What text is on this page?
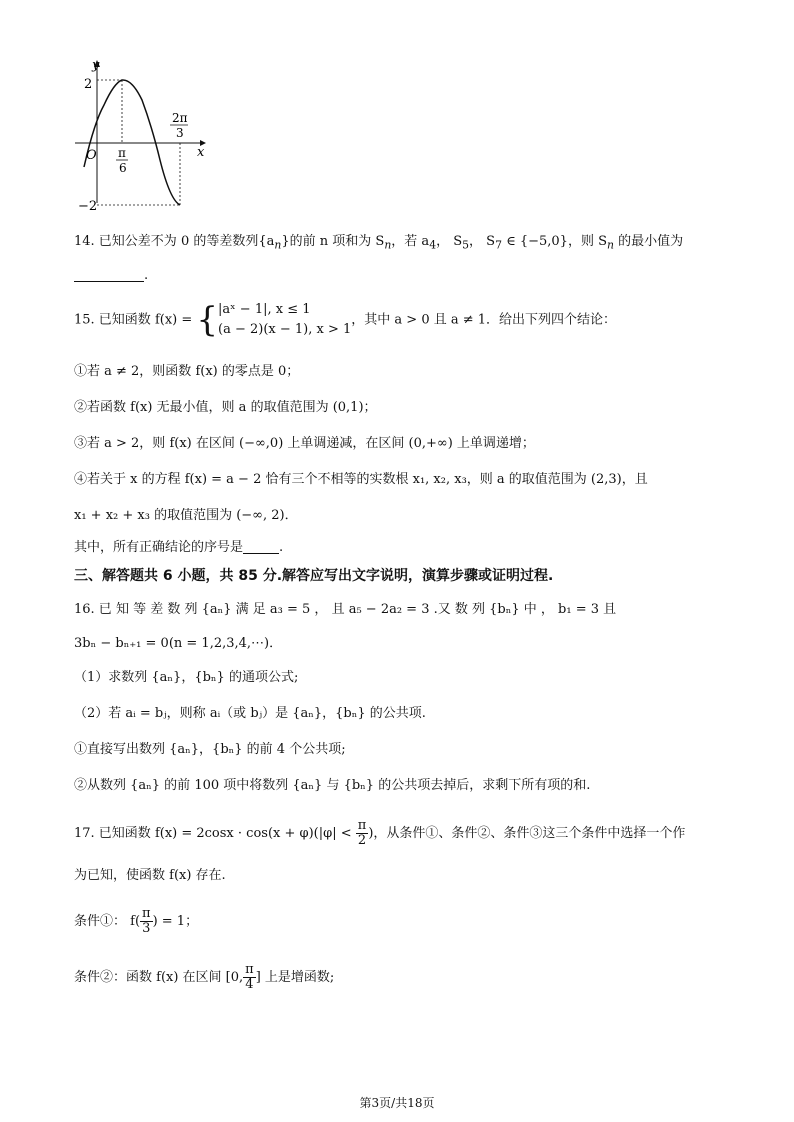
y
x
O
2
−2
π
6
2π
3
14. 已知公差不为 0 的等差数列$\{a_n\}$的前 n 项和为 $S_n$，若 $a_4$， $S_5$， $S_7$ ∈ {−5,0}，则 $S_n$ 的最小值为
.
15. 已知函数 f(x) = { |aˣ − 1|, x ≤ 1
(a − 2)(x − 1), x > 1
，其中 a > 0 且 a ≠ 1．给出下列四个结论：
①若 a ≠ 2，则函数 f(x) 的零点是 0；
②若函数 f(x) 无最小值，则 a 的取值范围为 (0,1)；
③若 a > 2，则 f(x) 在区间 (−∞,0) 上单调递减，在区间 (0,+∞) 上单调递增；
④若关于 x 的方程 f(x) = a − 2 恰有三个不相等的实数根 x₁, x₂, x₃，则 a 的取值范围为 (2,3)，且
x₁ + x₂ + x₃ 的取值范围为 (−∞, 2)．
其中，所有正确结论的序号是	.
三、解答题共 6 小题，共 85 分.解答应写出文字说明，演算步骤或证明过程.
16. 已 知 等 差 数 列 {aₙ} 满 足 a₃ = 5 ， 且 a₅ − 2a₂ = 3 .又 数 列 {bₙ} 中 ， b₁ = 3 且
3bₙ − bₙ₊₁ = 0(n = 1,2,3,4,⋯)．
（1）求数列 {aₙ}，{bₙ} 的通项公式;
（2）若 aᵢ = bⱼ，则称 aᵢ（或 bⱼ）是 {aₙ}，{bₙ} 的公共项.
①直接写出数列 {aₙ}，{bₙ} 的前 4 个公共项;
②从数列 {aₙ} 的前 100 项中将数列 {aₙ} 与 {bₙ} 的公共项去掉后，求剩下所有项的和.
17. 已知函数 $f(x) = 2\cos x \cdot \cos(x + \varphi)(|\varphi| < \frac{\pi}{2}$ )，从条件①、条件②、条件③这三个条件中选择一个作
为已知，使函数 f(x) 存在.
条件①： $f( \frac{\pi}{3}$ ) = 1；
条件②：函数 f(x) 在区间 [0, $\frac{\pi}{4}$ ] 上是增函数;
第3页/共18页
